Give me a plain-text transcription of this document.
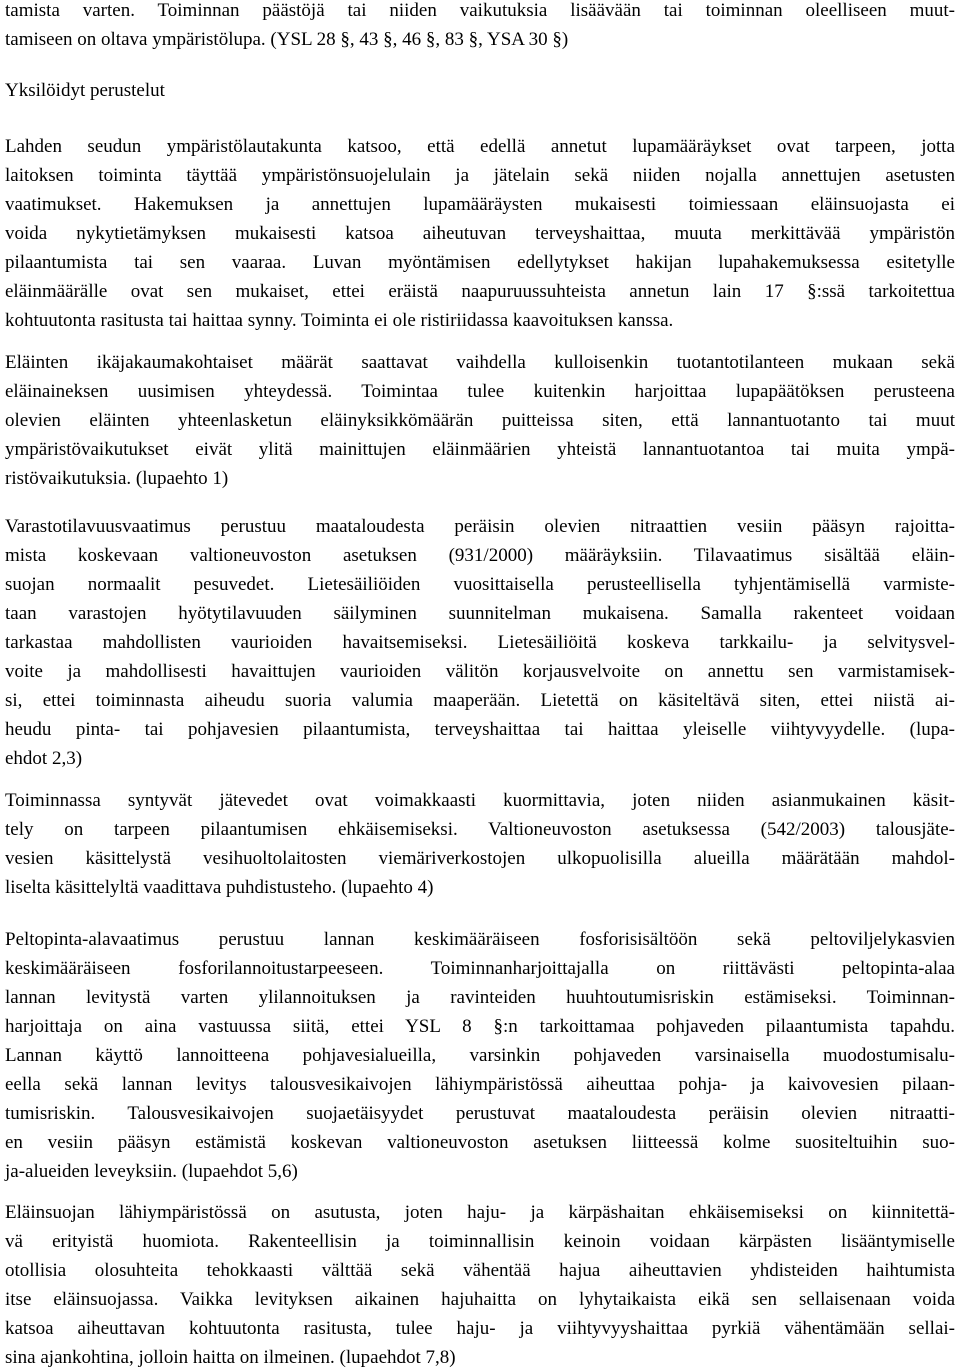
tamista varten. Toiminnan päästöjä tai niiden vaikutuksia lisäävään tai toiminnan oleelliseen muut-
tamiseen on oltava ympäristölupa. (YSL 28 §, 43 §, 46 §, 83 §, YSA 30 §)
Yksilöidyt perustelut
Lahden seudun ympäristölautakunta katsoo, että edellä annetut lupamääräykset ovat tarpeen, jotta
laitoksen toiminta täyttää ympäristönsuojelulain ja jätelain sekä niiden nojalla annettujen asetusten
vaatimukset. Hakemuksen ja annettujen lupamääräysten mukaisesti toimiessaan eläinsuojasta ei
voida nykytietämyksen mukaisesti katsoa aiheutuvan terveyshaittaa, muuta merkittävää ympäristön
pilaantumista tai sen vaaraa. Luvan myöntämisen edellytykset hakijan lupahakemuksessa esitetylle
eläinmäärälle ovat sen mukaiset, ettei eräistä naapuruussuhteista annetun lain 17 §:ssä tarkoitettua
kohtuutonta rasitusta tai haittaa synny. Toiminta ei ole ristiriidassa kaavoituksen kanssa.
Eläinten ikäjakaumakohtaiset määrät saattavat vaihdella kulloisenkin tuotantotilanteen mukaan sekä
eläinaineksen uusimisen yhteydessä. Toimintaa tulee kuitenkin harjoittaa lupapäätöksen perusteena
olevien eläinten yhteenlasketun eläinyksikkömäärän puitteissa siten, että lannantuotanto tai muut
ympäristövaikutukset eivät ylitä mainittujen eläinmäärien yhteistä lannantuotantoa tai muita ympä-
ristövaikutuksia. (lupaehto 1)
Varastotilavuusvaatimus perustuu maataloudesta peräisin olevien nitraattien vesiin pääsyn rajoitta-
mista koskevaan valtioneuvoston asetuksen (931/2000) määräyksiin. Tilavaatimus sisältää eläin-
suojan normaalit pesuvedet. Lietesäiliöiden vuosittaisella perusteellisella tyhjentämisellä varmiste-
taan varastojen hyötytilavuuden säilyminen suunnitelman mukaisena. Samalla rakenteet voidaan
tarkastaa mahdollisten vaurioiden havaitsemiseksi. Lietesäiliöitä koskeva tarkkailu- ja selvitysvel-
voite ja mahdollisesti havaittujen vaurioiden välitön korjausvelvoite on annettu sen varmistamisek-
si, ettei toiminnasta aiheudu suoria valumia maaperään. Lietettä on käsiteltävä siten, ettei niistä ai-
heudu pinta- tai pohjavesien pilaantumista, terveyshaittaa tai haittaa yleiselle viihtyvyydelle. (lupa-
ehdot 2,3)
Toiminnassa syntyvät jätevedet ovat voimakkaasti kuormittavia, joten niiden asianmukainen käsit-
tely on tarpeen pilaantumisen ehkäisemiseksi. Valtioneuvoston asetuksessa (542/2003) talousjäte-
vesien käsittelystä vesihuoltolaitosten viemäriverkostojen ulkopuolisilla alueilla määrätään mahdol-
liselta käsittelyltä vaadittava puhdistusteho. (lupaehto 4)
Peltopinta-alavaatimus perustuu lannan keskimääräiseen fosforisisältöön sekä peltoviljelykasvien
keskimääräiseen fosforilannoitustarpeeseen. Toiminnanharjoittajalla on riittävästi peltopinta-alaa
lannan levitystä varten ylilannoituksen ja ravinteiden huuhtoutumisriskin estämiseksi. Toiminnan-
harjoittaja on aina vastuussa siitä, ettei YSL 8 §:n tarkoittamaa pohjaveden pilaantumista tapahdu.
Lannan käyttö lannoitteena pohjavesialueilla, varsinkin pohjaveden varsinaisella muodostumisalu-
eella sekä lannan levitys talousvesikaivojen lähiympäristössä aiheuttaa pohja- ja kaivovesien pilaan-
tumisriskin. Talousvesikaivojen suojaetäisyydet perustuvat maataloudesta peräisin olevien nitraatti-
en vesiin pääsyn estämistä koskevan valtioneuvoston asetuksen liitteessä kolme suositeltuihin suo-
ja-alueiden leveyksiin. (lupaehdot 5,6)
Eläinsuojan lähiympäristössä on asutusta, joten haju- ja kärpäshaitan ehkäisemiseksi on kiinnitettä-
vä erityistä huomiota. Rakenteellisin ja toiminnallisin keinoin voidaan kärpästen lisääntymiselle
otollisia olosuhteita tehokkaasti välttää sekä vähentää hajua aiheuttavien yhdisteiden haihtumista
itse eläinsuojassa. Vaikka levityksen aikainen hajuhaitta on lyhytaikaista eikä sen sellaisenaan voida
katsoa aiheuttavan kohtuutonta rasitusta, tulee haju- ja viihtyvyyshaittaa pyrkiä vähentämään sellai-
sina ajankohtina, jolloin haitta on ilmeinen. (lupaehdot 7,8)
